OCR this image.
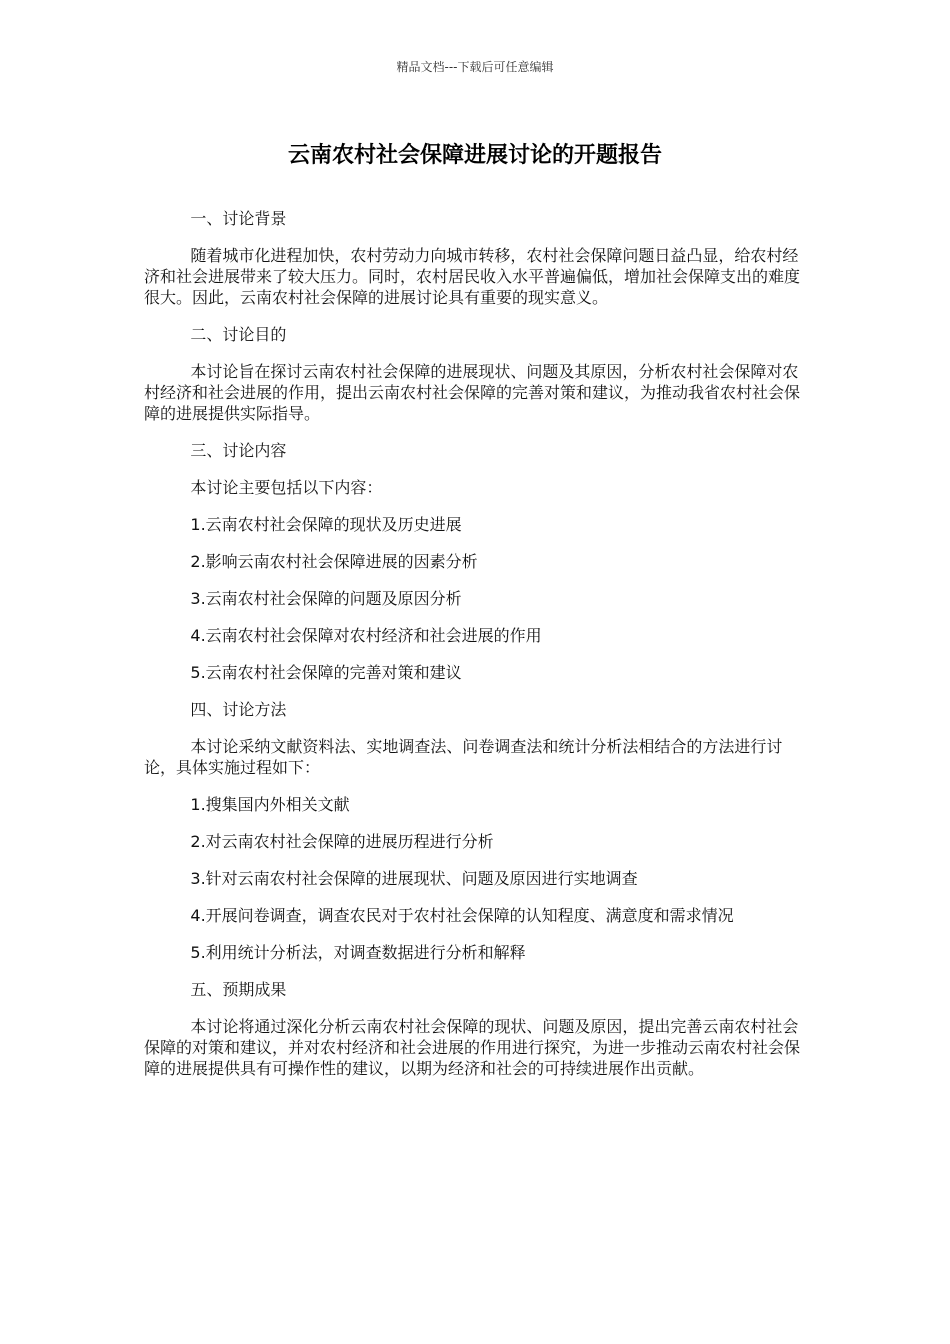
精品文档---下载后可任意编辑
云南农村社会保障进展讨论的开题报告
一、讨论背景
随着城市化进程加快，农村劳动力向城市转移，农村社会保障问题日益凸显，给农村经济和社会进展带来了较大压力。同时，农村居民收入水平普遍偏低，增加社会保障支出的难度很大。因此，云南农村社会保障的进展讨论具有重要的现实意义。
二、讨论目的
本讨论旨在探讨云南农村社会保障的进展现状、问题及其原因，分析农村社会保障对农村经济和社会进展的作用，提出云南农村社会保障的完善对策和建议，为推动我省农村社会保障的进展提供实际指导。
三、讨论内容
本讨论主要包括以下内容：
1.云南农村社会保障的现状及历史进展
2.影响云南农村社会保障进展的因素分析
3.云南农村社会保障的问题及原因分析
4.云南农村社会保障对农村经济和社会进展的作用
5.云南农村社会保障的完善对策和建议
四、讨论方法
本讨论采纳文献资料法、实地调查法、问卷调查法和统计分析法相结合的方法进行讨论，具体实施过程如下：
1.搜集国内外相关文献
2.对云南农村社会保障的进展历程进行分析
3.针对云南农村社会保障的进展现状、问题及原因进行实地调查
4.开展问卷调查，调查农民对于农村社会保障的认知程度、满意度和需求情况
5.利用统计分析法，对调查数据进行分析和解释
五、预期成果
本讨论将通过深化分析云南农村社会保障的现状、问题及原因，提出完善云南农村社会保障的对策和建议，并对农村经济和社会进展的作用进行探究，为进一步推动云南农村社会保障的进展提供具有可操作性的建议，以期为经济和社会的可持续进展作出贡献。
